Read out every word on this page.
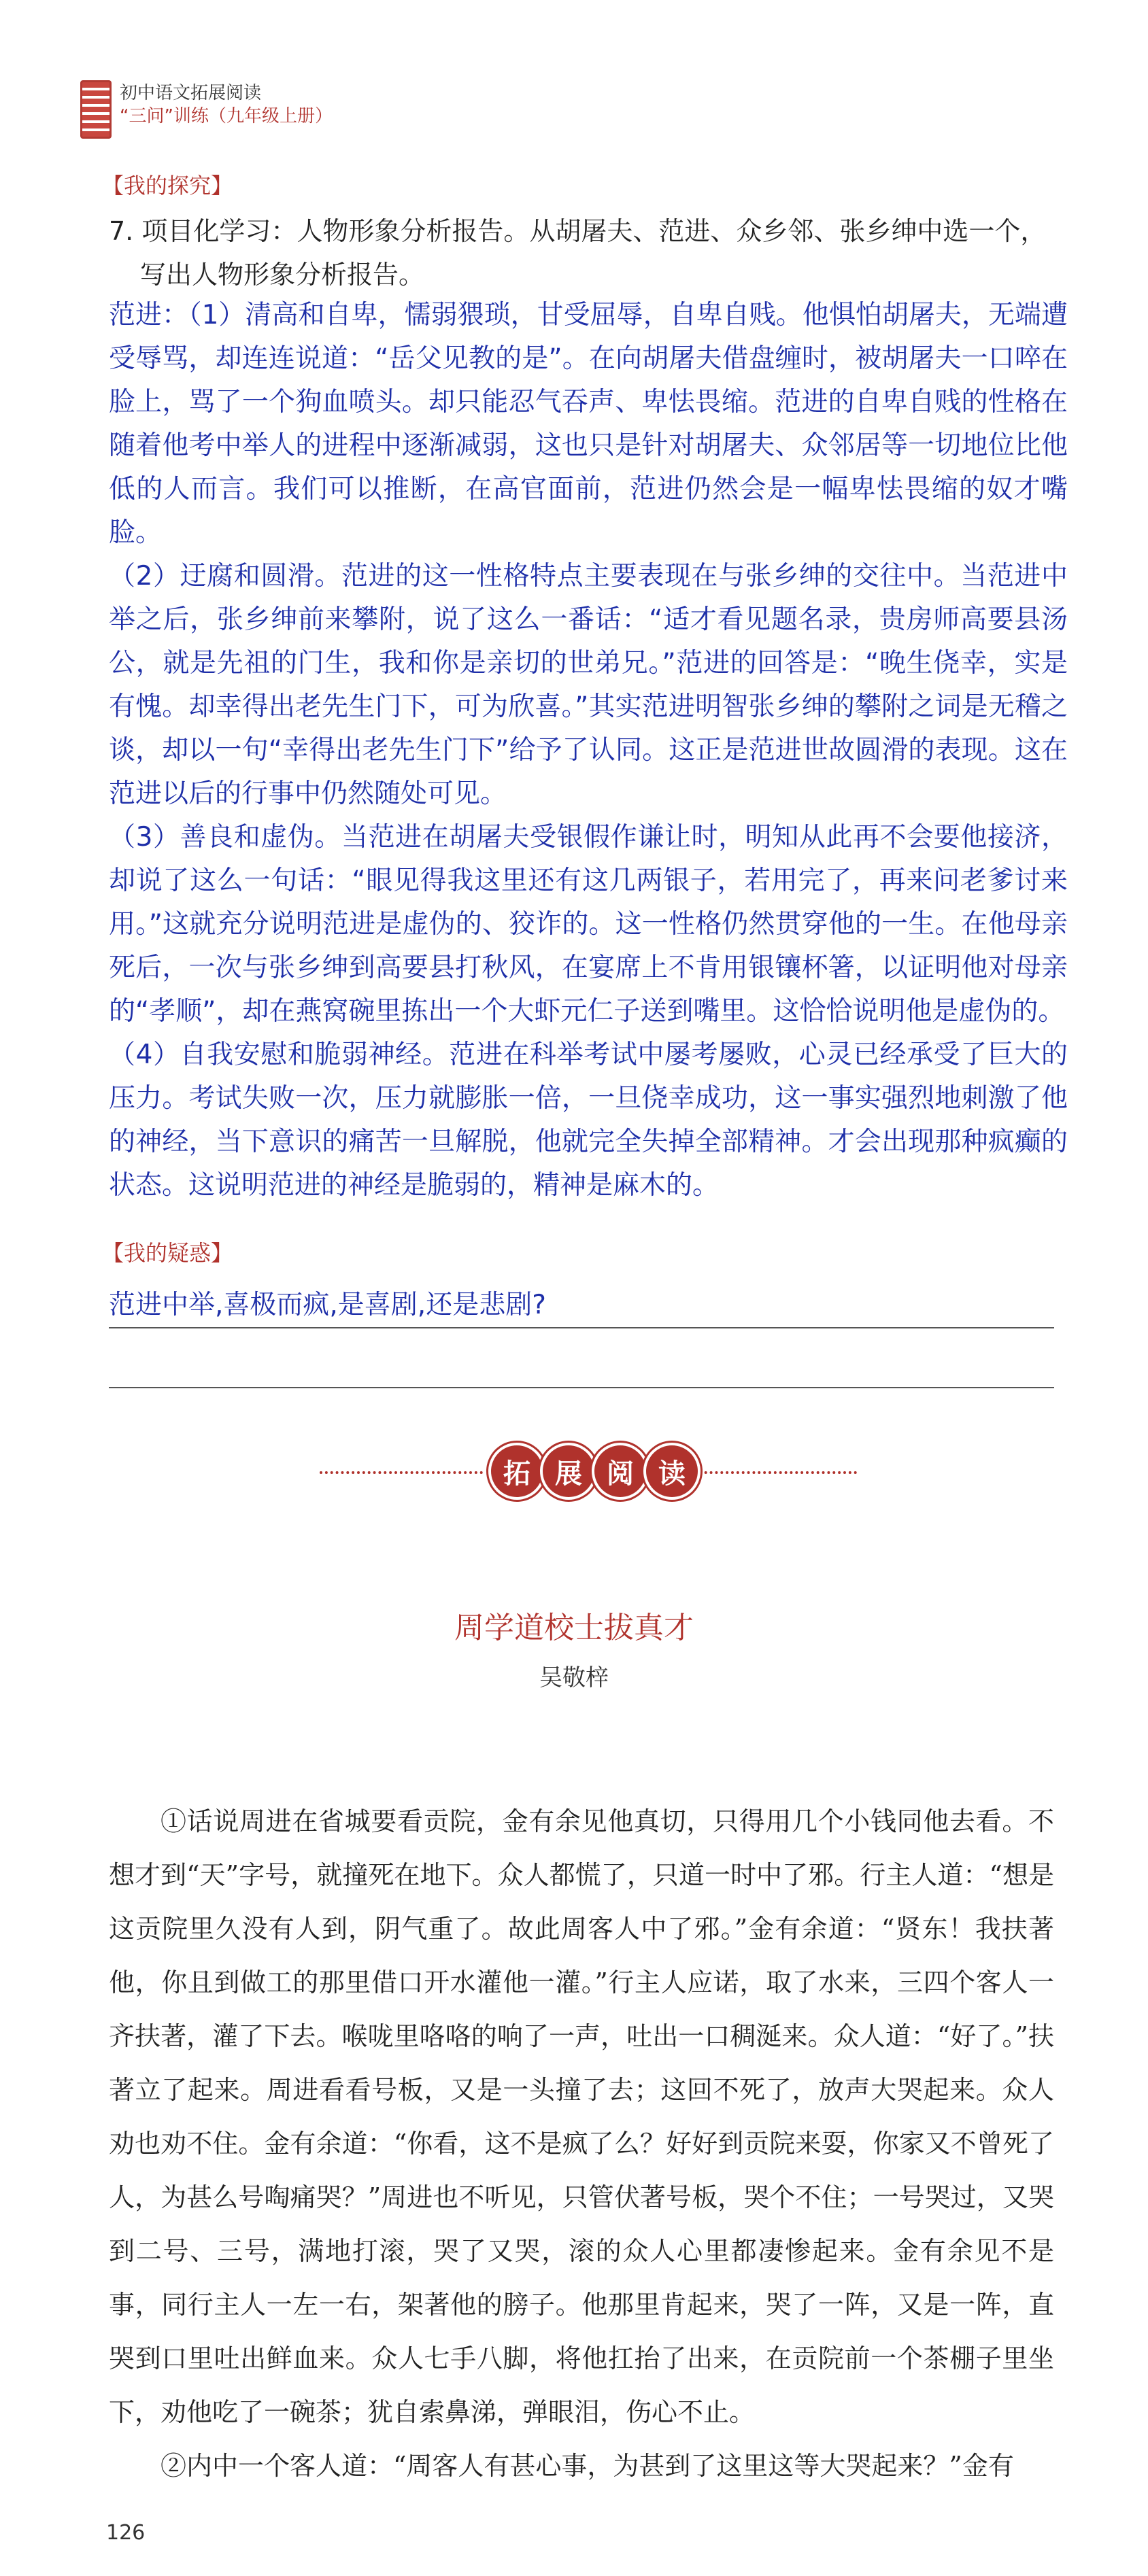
初中语文拓展阅读
“三问”训练（九年级上册）
【我的探究】
7. 项目化学习：人物形象分析报告。从胡屠夫、范进、众乡邻、张乡绅中选一个，
写出人物形象分析报告。

范进：（1）清高和自卑，懦弱猥琐，甘受屈辱，自卑自贱。他惧怕胡屠夫，无端遭受辱骂，却连连说道：“岳父见教的是”。在向胡屠夫借盘缠时，被胡屠夫一口啐在脸上，骂了一个狗血喷头。却只能忍气吞声、卑怯畏缩。范进的自卑自贱的性格在随着他考中举人的进程中逐渐减弱，这也只是针对胡屠夫、众邻居等一切地位比他低的人而言。我们可以推断，在高官面前，范进仍然会是一幅卑怯畏缩的奴才嘴脸。

（2）迂腐和圆滑。范进的这一性格特点主要表现在与张乡绅的交往中。当范进中举之后，张乡绅前来攀附，说了这么一番话：“适才看见题名录，贵房师高要县汤公，就是先祖的门生，我和你是亲切的世弟兄。”范进的回答是：“晚生侥幸，实是有愧。却幸得出老先生门下，可为欣喜。”其实范进明智张乡绅的攀附之词是无稽之谈，却以一句“幸得出老先生门下”给予了认同。这正是范进世故圆滑的表现。这在范进以后的行事中仍然随处可见。

（3）善良和虚伪。当范进在胡屠夫受银假作谦让时，明知从此再不会要他接济，却说了这么一句话：“眼见得我这里还有这几两银子，若用完了，再来问老爹讨来用。”这就充分说明范进是虚伪的、狡诈的。这一性格仍然贯穿他的一生。在他母亲死后，一次与张乡绅到高要县打秋风，在宴席上不肯用银镶杯箸，以证明他对母亲的“孝顺”，却在燕窝碗里拣出一个大虾元仁子送到嘴里。这恰恰说明他是虚伪的。

（4）自我安慰和脆弱神经。范进在科举考试中屡考屡败，心灵已经承受了巨大的压力。考试失败一次，压力就膨胀一倍，一旦侥幸成功，这一事实强烈地刺激了他的神经，当下意识的痛苦一旦解脱，他就完全失掉全部精神。才会出现那种疯癫的状态。这说明范进的神经是脆弱的，精神是麻木的。

【我的疑惑】
范进中举,喜极而疯,是喜剧,还是悲剧?
拓 展 阅 读
周学道校士拔真才
吴敬梓

①话说周进在省城要看贡院，金有余见他真切，只得用几个小钱同他去看。不想才到“天”字号，就撞死在地下。众人都慌了，只道一时中了邪。行主人道：“想是这贡院里久没有人到，阴气重了。故此周客人中了邪。”金有余道：“贤东！我扶著他，你且到做工的那里借口开水灌他一灌。”行主人应诺，取了水来，三四个客人一齐扶著，灌了下去。喉咙里咯咯的响了一声，吐出一口稠涎来。众人道：“好了。”扶著立了起来。周进看看号板，又是一头撞了去；这回不死了，放声大哭起来。众人劝也劝不住。金有余道：“你看，这不是疯了么？好好到贡院来耍，你家又不曾死了人，为甚么号啕痛哭？”周进也不听见，只管伏著号板，哭个不住；一号哭过，又哭到二号、三号，满地打滚，哭了又哭，滚的众人心里都凄惨起来。金有余见不是事，同行主人一左一右，架著他的膀子。他那里肯起来，哭了一阵，又是一阵，直哭到口里吐出鲜血来。众人七手八脚，将他扛抬了出来，在贡院前一个茶棚子里坐下，劝他吃了一碗茶；犹自索鼻涕，弹眼泪，伤心不止。

②内中一个客人道：“周客人有甚心事，为甚到了这里这等大哭起来？”金有

126
